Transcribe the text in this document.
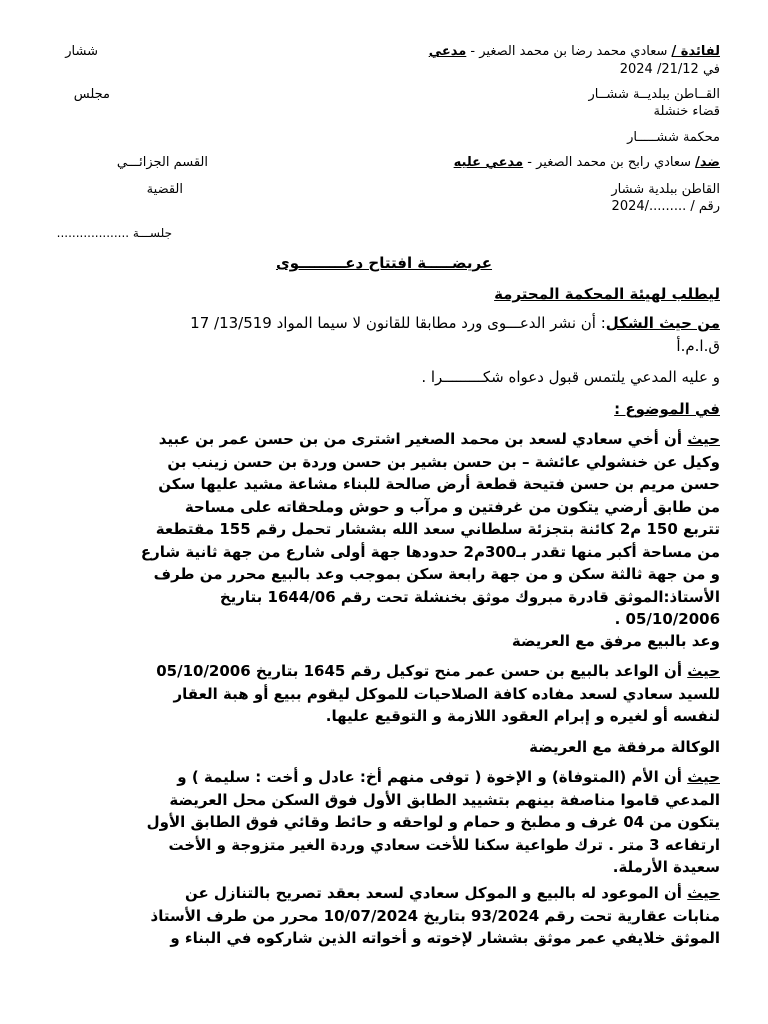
لفائدة / سعادي محمد رضا بن محمد الصغير - مدعي
ششار
في 21/12/ 2024
القــاطن ببلديــة ششــار
مجلس
قضاء خنشلة
محكمة ششـــــار
ضد/ سعادي رابح بن محمد الصغير - مدعي عليه
القسم الجزائـــي
القاطن ببلدية ششار
القضية
رقم / ........./2024
جلســـة ...................
عريضـــــة افتتاح دعـــــــــوى
ليطلب لهيئة المحكمة المحترمة
من حيث الشكل: أن نشر الدعـــوى ورد مطابقا للقانون لا سيما المواد 13/519/ 17
ق.ا.م.أ
و عليه المدعي يلتمس قبول دعواه شكـــــــــرا .
في الموضوع :
حيث أن أخي سعادي لسعد بن محمد الصغير اشترى من بن حسن عمر بن عبيد
وكيل عن خنشولي عائشة – بن حسن بشير بن حسن وردة بن حسن زينب بن
حسن مريم بن حسن فتيحة قطعة أرض صالحة للبناء مشاعة مشيد عليها سكن
من طابق أرضي يتكون من غرفتين و مرآب و حوش وملحقاته على مساحة
تتربع 150 م2 كائنة بتجزئة سلطاني سعد الله بششار تحمل رقم 155 مقتطعة
من مساحة أكبر منها تقدر بـ300م2 حدودها جهة أولى شارع من جهة ثانية شارع
و من جهة ثالثة سكن و من جهة رابعة سكن بموجب وعد بالبيع محرر من طرف
الأستاذ:الموثق قادرة مبروك موثق بخنشلة تحت رقم 1644/06 بتاريخ
05/10/2006 .
وعد بالبيع مرفق مع العريضة
حيث أن الواعد بالبيع بن حسن عمر منح توكيل رقم 1645 بتاريخ 05/10/2006
للسيد سعادي لسعد مفاده كافة الصلاحيات للموكل ليقوم ببيع أو هبة العقار
لنفسه أو لغيره و إبرام العقود اللازمة و التوقيع عليها.
الوكالة مرفقة مع العريضة
حيث أن الأم (المتوفاة) و الإخوة ( توفى منهم أخ: عادل و أخت : سليمة ) و
المدعي قاموا مناصفة بينهم بتشييد الطابق الأول فوق السكن محل العريضة
يتكون من 04 غرف و مطبخ و حمام و لواحقه و حائط وقائي فوق الطابق الأول
ارتفاعه 3 متر . ترك طواعية سكنا للأخت سعادي وردة الغير متزوجة و الأخت
سعيدة الأرملة.
حيث أن الموعود له بالبيع و الموكل سعادي لسعد بعقد تصريح بالتنازل عن
منابات عقارية تحت رقم 93/2024 بتاريخ 10/07/2024 محرر من طرف الأستاذ
الموثق خلايفي عمر موثق بششار لإخوته و أخواته الذين شاركوه في البناء و
